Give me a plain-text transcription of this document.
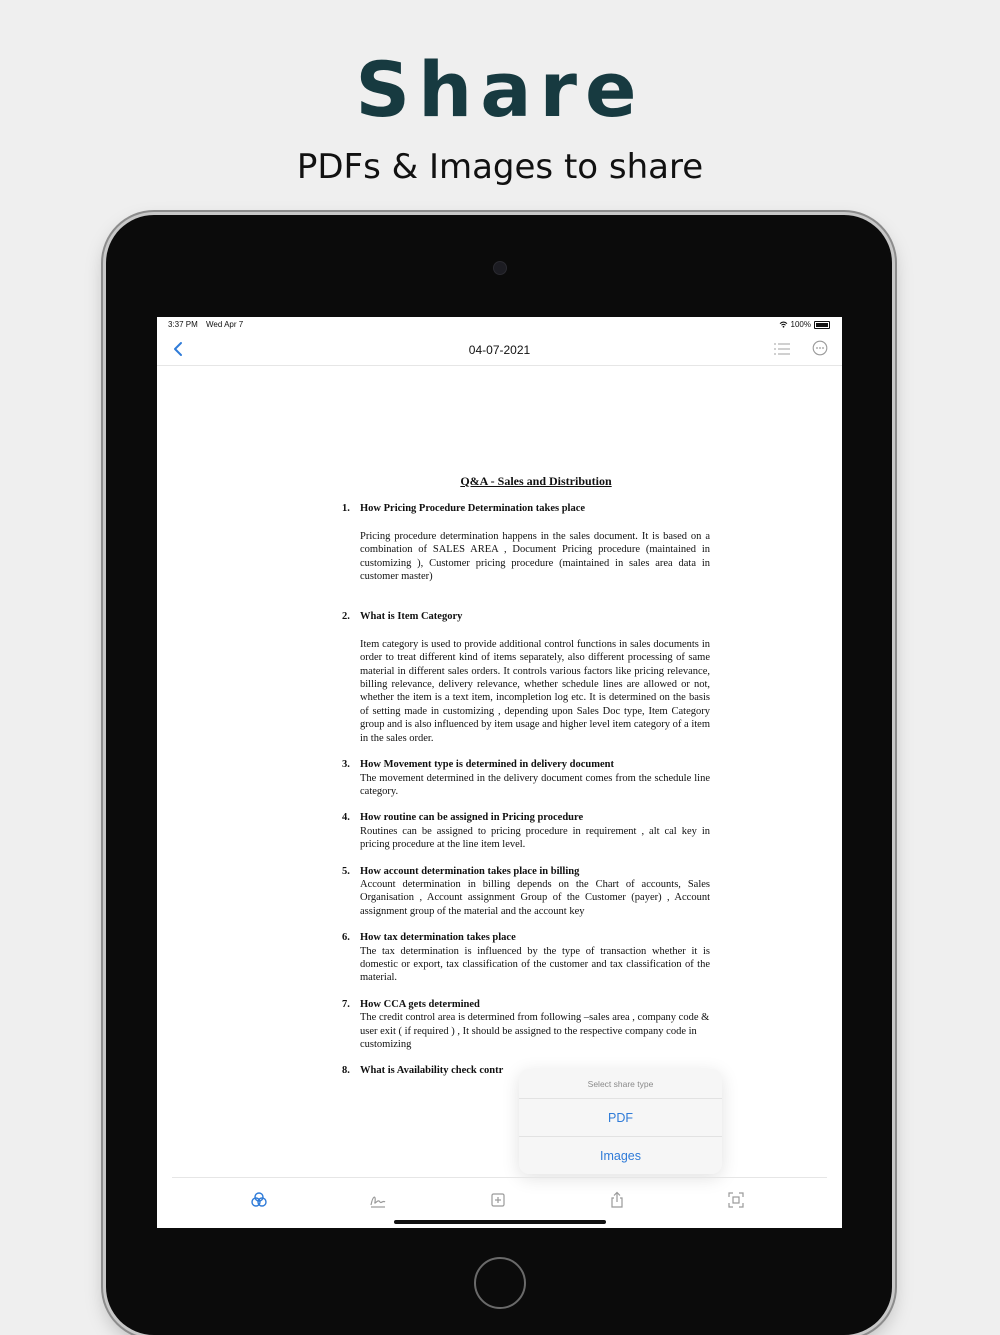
Share
PDFs & Images to share
3:37 PM Wed Apr 7	100%
04-07-2021
Q&A - Sales and Distribution
1. How Pricing Procedure Determination takes place
Pricing procedure determination happens in the sales document. It is based on a combination of SALES AREA , Document Pricing procedure (maintained in customizing ), Customer pricing procedure (maintained in sales area data in customer master)
2. What is Item Category
Item category is used to provide additional control functions in sales documents in order to treat different kind of items separately, also different processing of same material in different sales orders. It controls various factors like pricing relevance, billing relevance, delivery relevance, whether schedule lines are allowed or not, whether the item is a text item, incompletion log etc. It is determined on the basis of setting made in customizing , depending upon Sales Doc type, Item Category group and is also influenced by item usage and higher level item category of a item in the sales order.
3. How Movement type is determined in delivery document
The movement determined in the delivery document comes from the schedule line category.
4. How routine can be assigned in Pricing procedure
Routines can be assigned to pricing procedure in requirement , alt cal key in pricing procedure at the line item level.
5. How account determination takes place in billing
Account determination in billing depends on the Chart of accounts, Sales Organisation , Account assignment Group of the Customer (payer) , Account assignment group of the material and the account key
6. How tax determination takes place
The tax determination is influenced by the type of transaction whether it is domestic or export, tax classification of the customer and tax classification of the material.
7. How CCA gets determined
The credit control area is determined from following –sales area , company code & user exit ( if required ) , It should be assigned to the respective company code in customizing
8. What is Availability check contr
Select share type
PDF
Images
